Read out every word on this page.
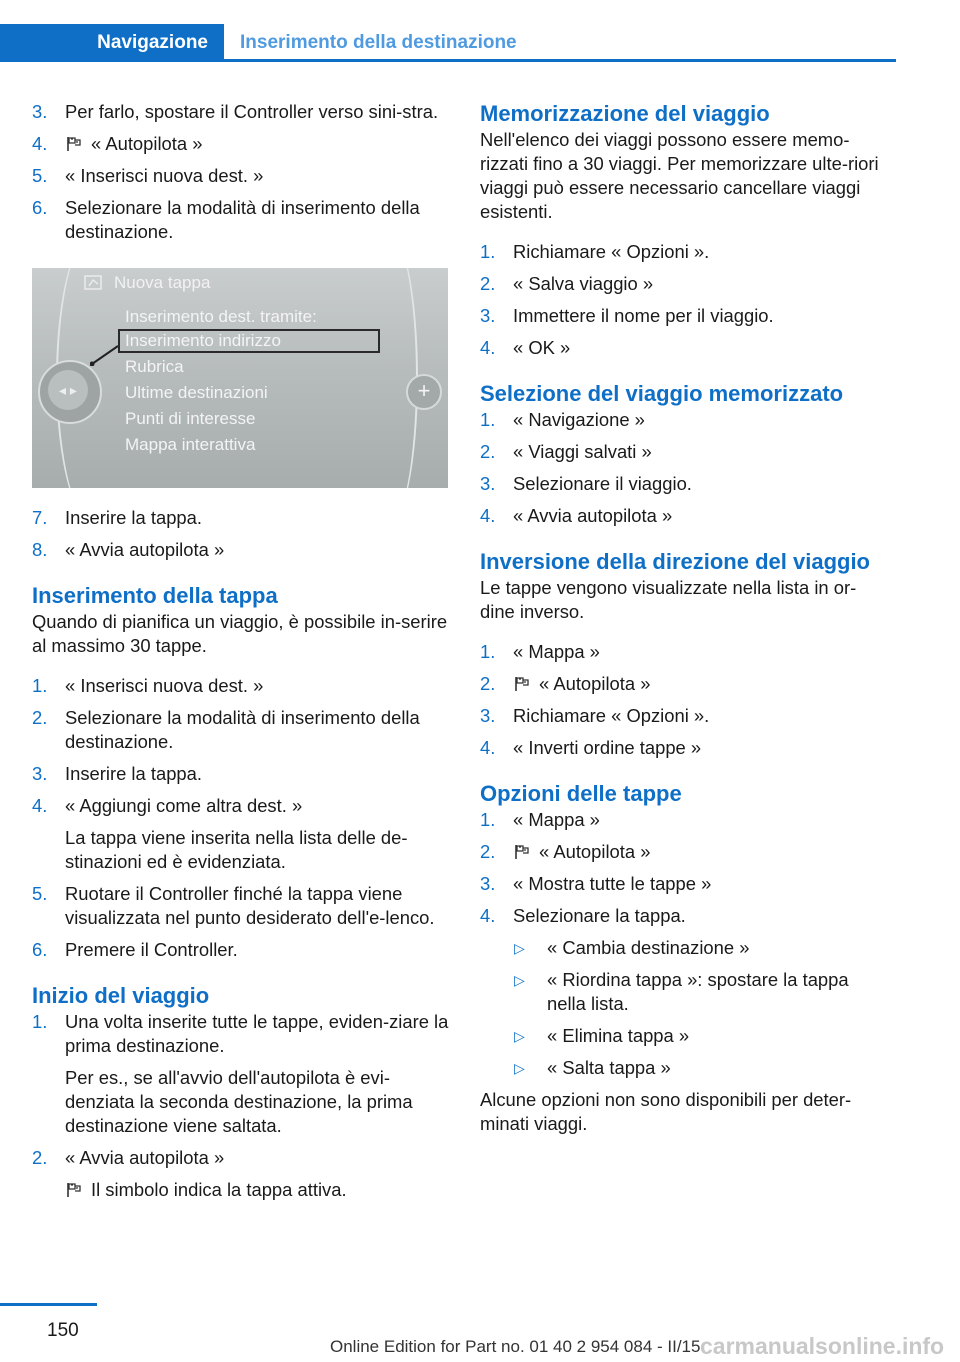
Navigazione Inserimento della destinazione
3. Per farlo, spostare il Controller verso sini‐stra.
4. « Autopilota »
5. « Inserisci nuova dest. »
6. Selezionare la modalità di inserimento della destinazione.
Nuova tappa
Inserimento dest. tramite:
Inserimento indirizzo
Rubrica
Ultime destinazioni
Punti di interesse
Mappa interattiva
◂ ▸	+
7. Inserire la tappa.
8. « Avvia autopilota »
Inserimento della tappa

Quando di pianifica un viaggio, è possibile in‐serire al massimo 30 tappe.

1. « Inserisci nuova dest. »
2. Selezionare la modalità di inserimento della destinazione.
3. Inserire la tappa.
4. « Aggiungi come altra dest. »
La tappa viene inserita nella lista delle de‐stinazioni ed è evidenziata.
5. Ruotare il Controller finché la tappa viene visualizzata nel punto desiderato dell'e‐lenco.
6. Premere il Controller.
Inizio del viaggio
1. Una volta inserite tutte le tappe, eviden‐ziare la prima destinazione.
Per es., se all'avvio dell'autopilota è evi‐denziata la seconda destinazione, la prima destinazione viene saltata.
2. « Avvia autopilota »
Il simbolo indica la tappa attiva.
Memorizzazione del viaggio

Nell'elenco dei viaggi possono essere memo‐rizzati fino a 30 viaggi. Per memorizzare ulte‐riori viaggi può essere necessario cancellare viaggi esistenti.

1. Richiamare « Opzioni ».
2. « Salva viaggio »
3. Immettere il nome per il viaggio.
4. « OK »
Selezione del viaggio memorizzato
1. « Navigazione »
2. « Viaggi salvati »
3. Selezionare il viaggio.
4. « Avvia autopilota »
Inversione della direzione del viaggio

Le tappe vengono visualizzate nella lista in or‐dine inverso.

1. « Mappa »
2. « Autopilota »
3. Richiamare « Opzioni ».
4. « Inverti ordine tappe »
Opzioni delle tappe
1. « Mappa »
2. « Autopilota »
3. « Mostra tutte le tappe »
4. Selezionare la tappa.
▷ « Cambia destinazione »
▷ « Riordina tappa »: spostare la tappa nella lista.
▷ « Elimina tappa »
▷ « Salta tappa »

Alcune opzioni non sono disponibili per deter‐minati viaggi.

150
Online Edition for Part no. 01 40 2 954 084 - II/15 carmanualsonline.info
